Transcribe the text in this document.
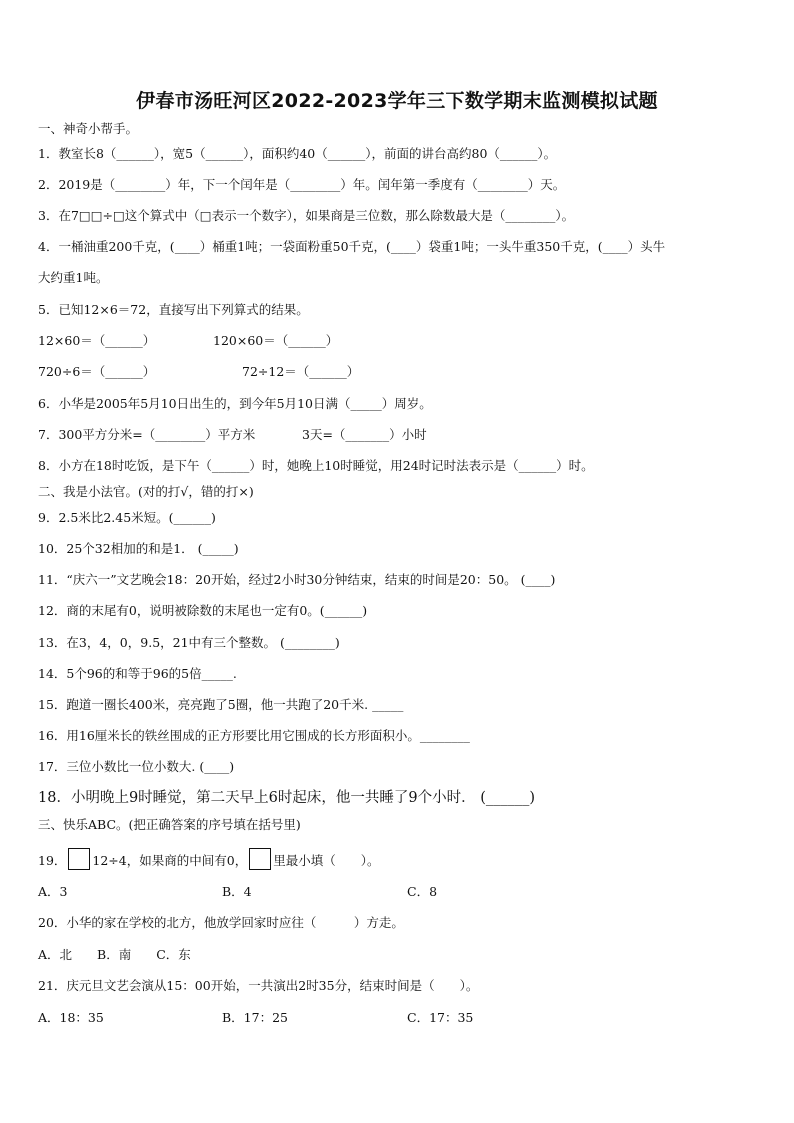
伊春市汤旺河区2022-2023学年三下数学期末监测模拟试题
一、神奇小帮手。
1．教室长8（______），宽5（______），面积约40（______），前面的讲台高约80（______）。
2．2019是（________）年，下一个闰年是（________）年。闰年第一季度有（________）天。
3．在7□□÷□这个算式中（□表示一个数字），如果商是三位数，那么除数最大是（________）。
4．一桶油重200千克，(____）桶重1吨；一袋面粉重50千克，(____）袋重1吨；一头牛重350千克，(____）头牛
大约重1吨。
5．已知12×6＝72，直接写出下列算式的结果。
12×60＝（______）	120×60＝（______）
720÷6＝（______）	72÷12＝（______）
6．小华是2005年5月10日出生的，到今年5月10日满（_____）周岁。
7．300平方分米=（________）平方米	3天=（_______）小时
8．小方在18时吃饭，是下午（______）时，她晚上10时睡觉，用24时记时法表示是（______）时。
二、我是小法官。(对的打√，错的打×)
9．2.5米比2.45米短。(______)
10．25个32相加的和是1． (_____)
11．“庆六一”文艺晚会18：20开始，经过2小时30分钟结束，结束的时间是20：50。 (____)
12．商的末尾有0，说明被除数的末尾也一定有0。(______)
13．在3，4，0，9.5，21中有三个整数。 (________)
14．5个96的和等于96的5倍_____.
15．跑道一圈长400米，亮亮跑了5圈，他一共跑了20千米. _____
16．用16厘米长的铁丝围成的正方形要比用它围成的长方形面积小。________
17．三位小数比一位小数大. (____)
18．小明晚上9时睡觉，第二天早上6时起床，他一共睡了9个小时． (______)
三、快乐ABC。(把正确答案的序号填在括号里)
19． 12÷4，如果商的中间有0， 里最小填（　　）。
A．3	B．4	C．8
20．小华的家在学校的北方，他放学回家时应往（　　　）方走。
A．北　　B．南　　C．东
21．庆元旦文艺会演从15：00开始，一共演出2时35分，结束时间是（　　）。
A．18：35	B．17：25	C．17：35
